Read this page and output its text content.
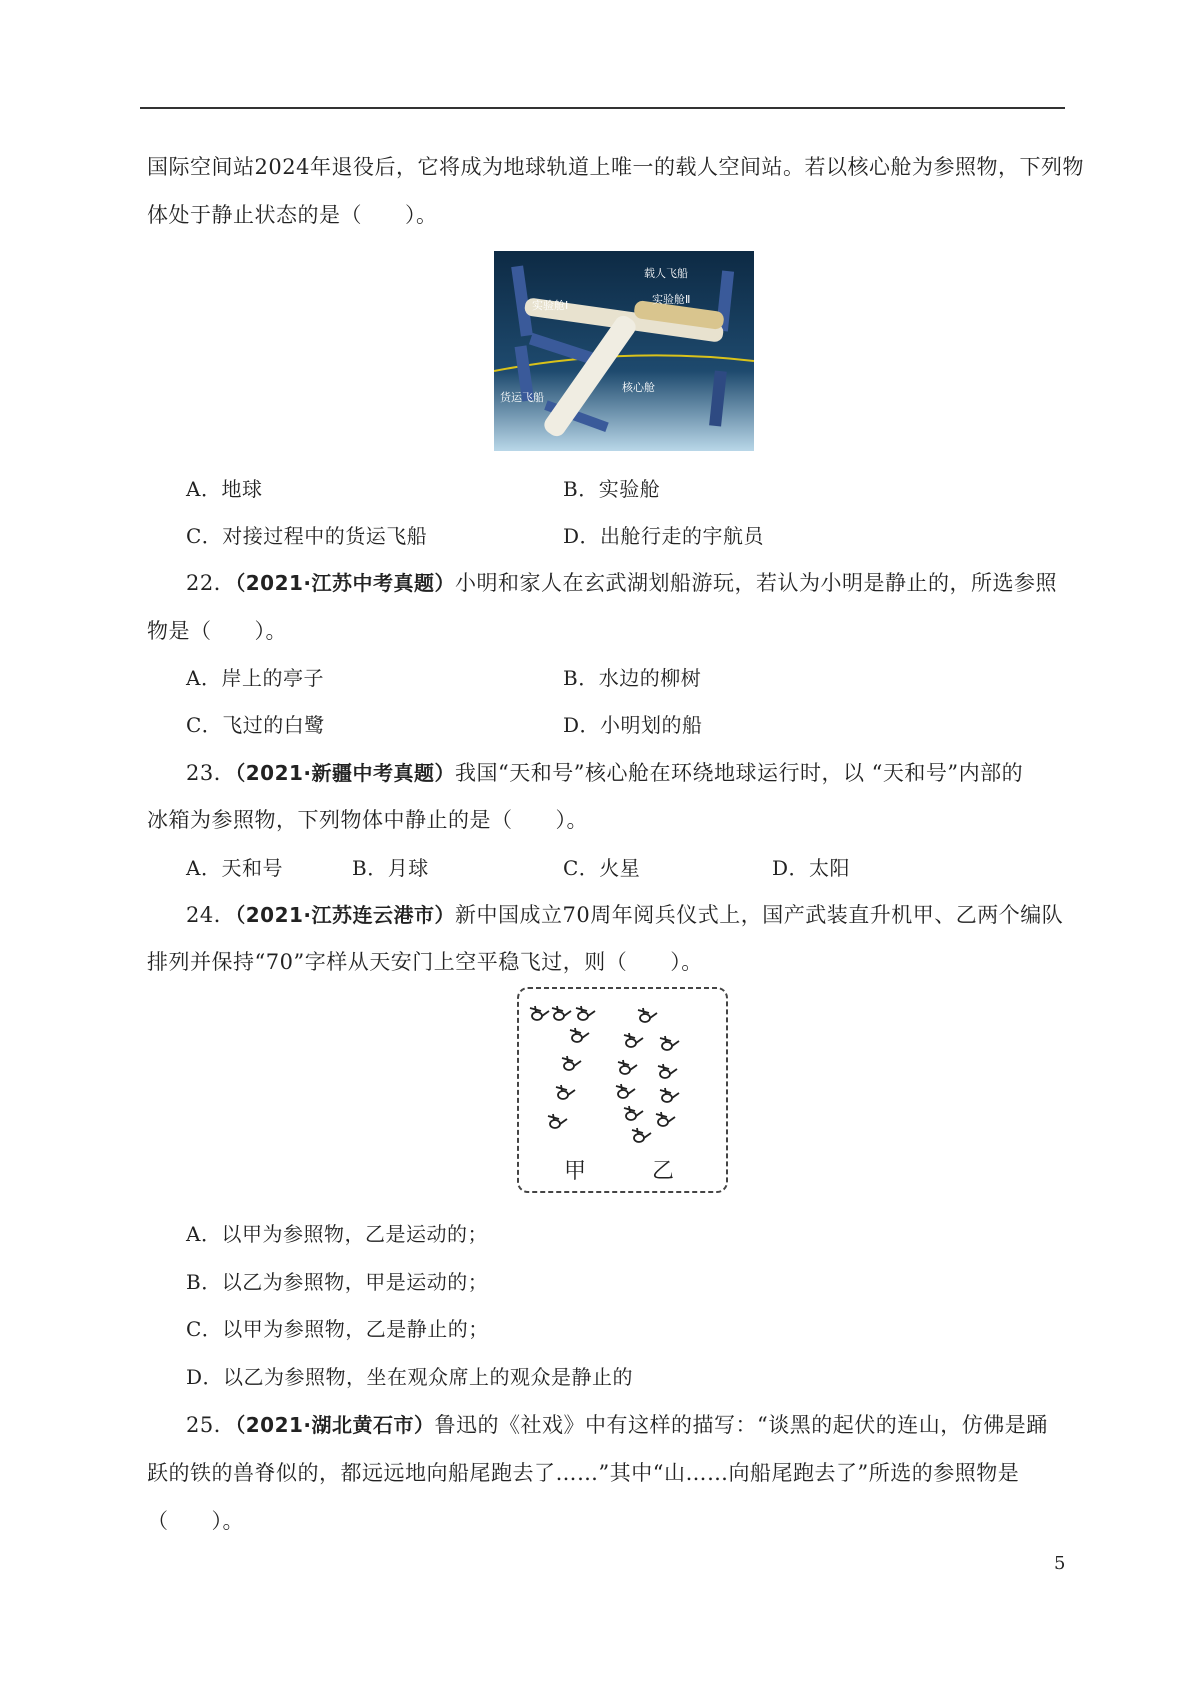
国际空间站2024年退役后，它将成为地球轨道上唯一的载人空间站。若以核心舱为参照物，下列物
体处于静止状态的是（　　）。
实验舱Ⅰ
载人飞船
实验舱Ⅱ
核心舱
货运飞船
A．地球	B．实验舱
C．对接过程中的货运飞船	D．出舱行走的宇航员
22．（2021·江苏中考真题）小明和家人在玄武湖划船游玩，若认为小明是静止的，所选参照
物是（　　）。
A．岸上的亭子	B．水边的柳树
C．飞过的白鹭	D．小明划的船
23．（2021·新疆中考真题）我国“天和号”核心舱在环绕地球运行时，以 “天和号”内部的
冰箱为参照物，下列物体中静止的是（　　）。
A．天和号	B．月球	C．火星	D．太阳
24．（2021·江苏连云港市）新中国成立70周年阅兵仪式上，国产武装直升机甲、乙两个编队
排列并保持“70”字样从天安门上空平稳飞过，则（　　）。
甲	乙
A．以甲为参照物，乙是运动的；
B．以乙为参照物，甲是运动的；
C．以甲为参照物，乙是静止的；
D．以乙为参照物，坐在观众席上的观众是静止的
25．（2021·湖北黄石市）鲁迅的《社戏》中有这样的描写：“谈黑的起伏的连山，仿佛是踊
跃的铁的兽脊似的，都远远地向船尾跑去了……”其中“山……向船尾跑去了”所选的参照物是
（　　）。
5
